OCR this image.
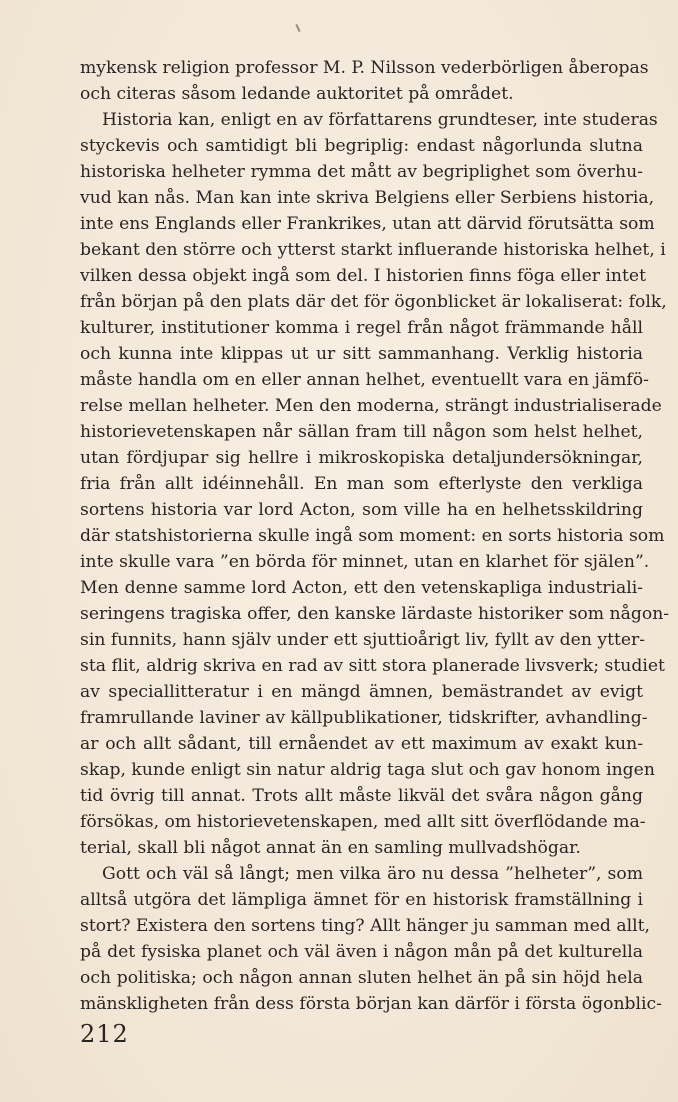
mykensk religion professor M. P. Nilsson vederbörligen åberopas
och citeras såsom ledande auktoritet på området.
Historia kan, enligt en av författarens grundteser, inte studeras
styckevis och samtidigt bli begriplig: endast någorlunda slutna
historiska helheter rymma det mått av begriplighet som överhu-
vud kan nås. Man kan inte skriva Belgiens eller Serbiens historia,
inte ens Englands eller Frankrikes, utan att därvid förutsätta som
bekant den större och ytterst starkt influerande historiska helhet, i
vilken dessa objekt ingå som del. I historien finns föga eller intet
från början på den plats där det för ögonblicket är lokaliserat: folk,
kulturer, institutioner komma i regel från något främmande håll
och kunna inte klippas ut ur sitt sammanhang. Verklig historia
måste handla om en eller annan helhet, eventuellt vara en jämfö-
relse mellan helheter. Men den moderna, strängt industrialiserade
historievetenskapen når sällan fram till någon som helst helhet,
utan fördjupar sig hellre i mikroskopiska detaljundersökningar,
fria från allt idéinnehåll. En man som efterlyste den verkliga
sortens historia var lord Acton, som ville ha en helhetsskildring
där statshistorierna skulle ingå som moment: en sorts historia som
inte skulle vara ”en börda för minnet, utan en klarhet för själen”.
Men denne samme lord Acton, ett den vetenskapliga industriali-
seringens tragiska offer, den kanske lärdaste historiker som någon-
sin funnits, hann själv under ett sjuttioårigt liv, fyllt av den ytter-
sta flit, aldrig skriva en rad av sitt stora planerade livsverk; studiet
av speciallitteratur i en mängd ämnen, bemästrandet av evigt
framrullande laviner av källpublikationer, tidskrifter, avhandling-
ar och allt sådant, till ernåendet av ett maximum av exakt kun-
skap, kunde enligt sin natur aldrig taga slut och gav honom ingen
tid övrig till annat. Trots allt måste likväl det svåra någon gång
försökas, om historievetenskapen, med allt sitt överflödande ma-
terial, skall bli något annat än en samling mullvadshögar.
Gott och väl så långt; men vilka äro nu dessa ”helheter”, som
alltså utgöra det lämpliga ämnet för en historisk framställning i
stort? Existera den sortens ting? Allt hänger ju samman med allt,
på det fysiska planet och väl även i någon mån på det kulturella
och politiska; och någon annan sluten helhet än på sin höjd hela
mänskligheten från dess första början kan därför i första ögonblic-
212
